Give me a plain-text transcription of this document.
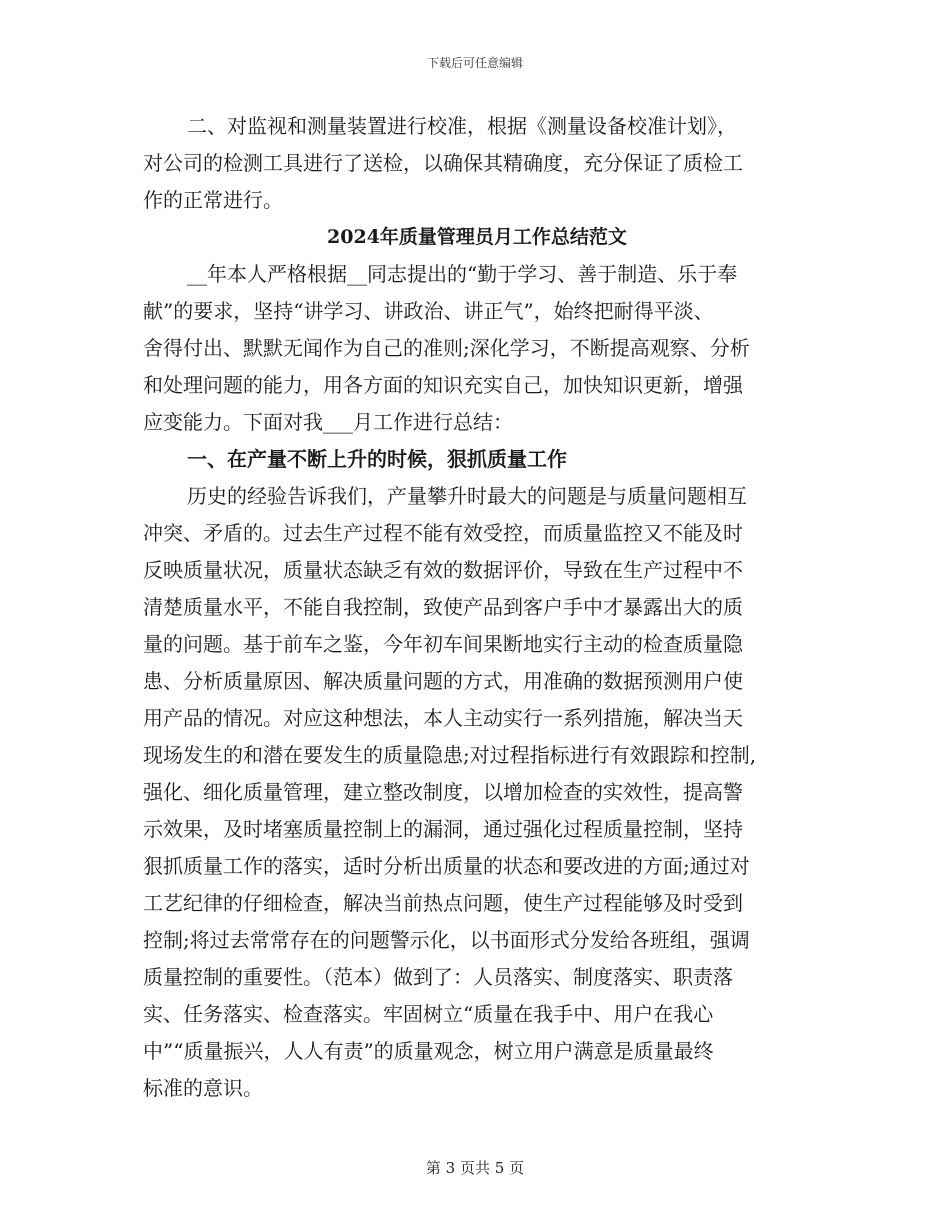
下载后可任意编辑
二、对监视和测量装置进行校准，根据《测量设备校准计划》，
对公司的检测工具进行了送检，以确保其精确度，充分保证了质检工
作的正常进行。
2024年质量管理员月工作总结范文
__年本人严格根据__同志提出的“勤于学习、善于制造、乐于奉
献”的要求，坚持“讲学习、讲政治、讲正气”，始终把耐得平淡、
舍得付出、默默无闻作为自己的准则;深化学习，不断提高观察、分析
和处理问题的能力，用各方面的知识充实自己，加快知识更新，增强
应变能力。下面对我___月工作进行总结：
一、在产量不断上升的时候，狠抓质量工作
历史的经验告诉我们，产量攀升时最大的问题是与质量问题相互
冲突、矛盾的。过去生产过程不能有效受控，而质量监控又不能及时
反映质量状况，质量状态缺乏有效的数据评价，导致在生产过程中不
清楚质量水平，不能自我控制，致使产品到客户手中才暴露出大的质
量的问题。基于前车之鉴，今年初车间果断地实行主动的检查质量隐
患、分析质量原因、解决质量问题的方式，用准确的数据预测用户使
用产品的情况。对应这种想法，本人主动实行一系列措施，解决当天
现场发生的和潜在要发生的质量隐患;对过程指标进行有效跟踪和控制,
强化、细化质量管理，建立整改制度，以增加检查的实效性，提高警
示效果，及时堵塞质量控制上的漏洞，通过强化过程质量控制，坚持
狠抓质量工作的落实，适时分析出质量的状态和要改进的方面;通过对
工艺纪律的仔细检查，解决当前热点问题，使生产过程能够及时受到
控制;将过去常常存在的问题警示化，以书面形式分发给各班组，强调
质量控制的重要性。（范本）做到了：人员落实、制度落实、职责落
实、任务落实、检查落实。牢固树立“质量在我手中、用户在我心
中”“质量振兴，人人有责”的质量观念，树立用户满意是质量最终
标准的意识。
第 3 页共 5 页
